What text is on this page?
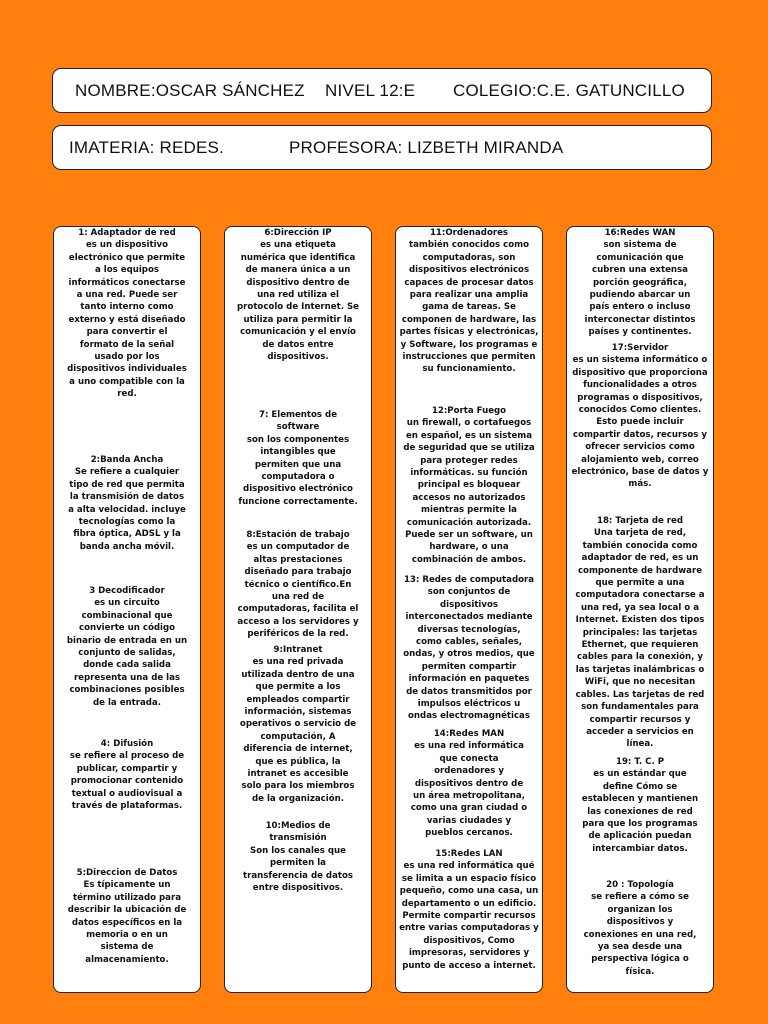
NOMBRE:OSCAR SÁNCHEZ NIVEL 12:E COLEGIO:C.E. GATUNCILLO
IMATERIA: REDES.	PROFESORA: LIZBETH MIRANDA
1: Adaptador de red
es un dispositivo
electrónico que permite
a los equipos
informáticos conectarse
a una red. Puede ser
tanto interno como
externo y está diseñado
para convertir el
formato de la señal
usado por los
dispositivos individuales
a uno compatible con la
red.
2:Banda Ancha
Se refiere a cualquier
tipo de red que permita
la transmisión de datos
a alta velocidad. incluye
tecnologías como la
fibra óptica, ADSL y la
banda ancha móvil.
3 Decodificador
es un circuito
combinacional que
convierte un código
binario de entrada en un
conjunto de salidas,
donde cada salida
representa una de las
combinaciones posibles
de la entrada.
4: Difusión
se refiere al proceso de
publicar, compartir y
promocionar contenido
textual o audiovisual a
través de plataformas.
5:Direccion de Datos
Es típicamente un
término utilizado para
describir la ubicación de
datos específicos en la
memoria o en un
sistema de
almacenamiento.
6:Dirección IP
es una etiqueta
numérica que identifica
de manera única a un
dispositivo dentro de
una red utiliza el
protocolo de Internet. Se
utiliza para permitir la
comunicación y el envío
de datos entre
dispositivos.
7: Elementos de
software
son los componentes
intangibles que
permiten que una
computadora o
dispositivo electrónico
funcione correctamente.
8:Estación de trabajo
es un computador de
altas prestaciones
diseñado para trabajo
técnico o científico.En
una red de
computadoras, facilita el
acceso a los servidores y
periféricos de la red.
9:Intranet
es una red privada
utilizada dentro de una
que permite a los
empleados compartir
información, sistemas
operativos o servicio de
computación, A
diferencia de internet,
que es pública, la
intranet es accesible
solo para los miembros
de la organización.
10:Medios de
transmisión
Son los canales que
permiten la
transferencia de datos
entre dispositivos.
11:Ordenadores
también conocidos como
computadoras, son
dispositivos electrónicos
capaces de procesar datos
para realizar una amplia
gama de tareas. Se
componen de hardware, las
partes físicas y electrónicas,
y Software, los programas e
instrucciones que permiten
su funcionamiento.
12:Porta Fuego
un firewall, o cortafuegos
en español, es un sistema
de seguridad que se utiliza
para proteger redes
informáticas. su función
principal es bloquear
accesos no autorizados
mientras permite la
comunicación autorizada.
Puede ser un software, un
hardware, o una
combinación de ambos.
13: Redes de computadora
son conjuntos de
dispositivos
interconectados mediante
diversas tecnologías,
como cables, señales,
ondas, y otros medios, que
permiten compartir
información en paquetes
de datos transmitidos por
impulsos eléctricos u
ondas electromagnéticas
14:Redes MAN
es una red informática
que conecta
ordenadores y
dispositivos dentro de
un área metropolitana,
como una gran ciudad o
varias ciudades y
pueblos cercanos.
15:Redes LAN
es una red informática qué
se limita a un espacio físico
pequeño, como una casa, un
departamento o un edificio.
Permite compartir recursos
entre varias computadoras y
dispositivos, Como
impresoras, servidores y
punto de acceso a internet.
16:Redes WAN
son sistema de
comunicación que
cubren una extensa
porción geográfica,
pudiendo abarcar un
país entero o incluso
interconectar distintos
países y continentes.
17:Servidor
es un sistema informático o
dispositivo que proporciona
funcionalidades a otros
programas o dispositivos,
conocidos Como clientes.
Esto puede incluir
compartir datos, recursos y
ofrecer servicios como
alojamiento web, correo
electrónico, base de datos y
más.
18: Tarjeta de red
Una tarjeta de red,
también conocida como
adaptador de red, es un
componente de hardware
que permite a una
computadora conectarse a
una red, ya sea local o a
Internet. Existen dos tipos
principales: las tarjetas
Ethernet, que requieren
cables para la conexión, y
las tarjetas inalámbricas o
WiFi, que no necesitan
cables. Las tarjetas de red
son fundamentales para
compartir recursos y
acceder a servicios en
línea.
19: T. C. P
es un estándar que
define Cómo se
establecen y mantienen
las conexiones de red
para que los programas
de aplicación puedan
intercambiar datos.
20 : Topología
se refiere a cómo se
organizan los
dispositivos y
conexiones en una red,
ya sea desde una
perspectiva lógica o
física.
